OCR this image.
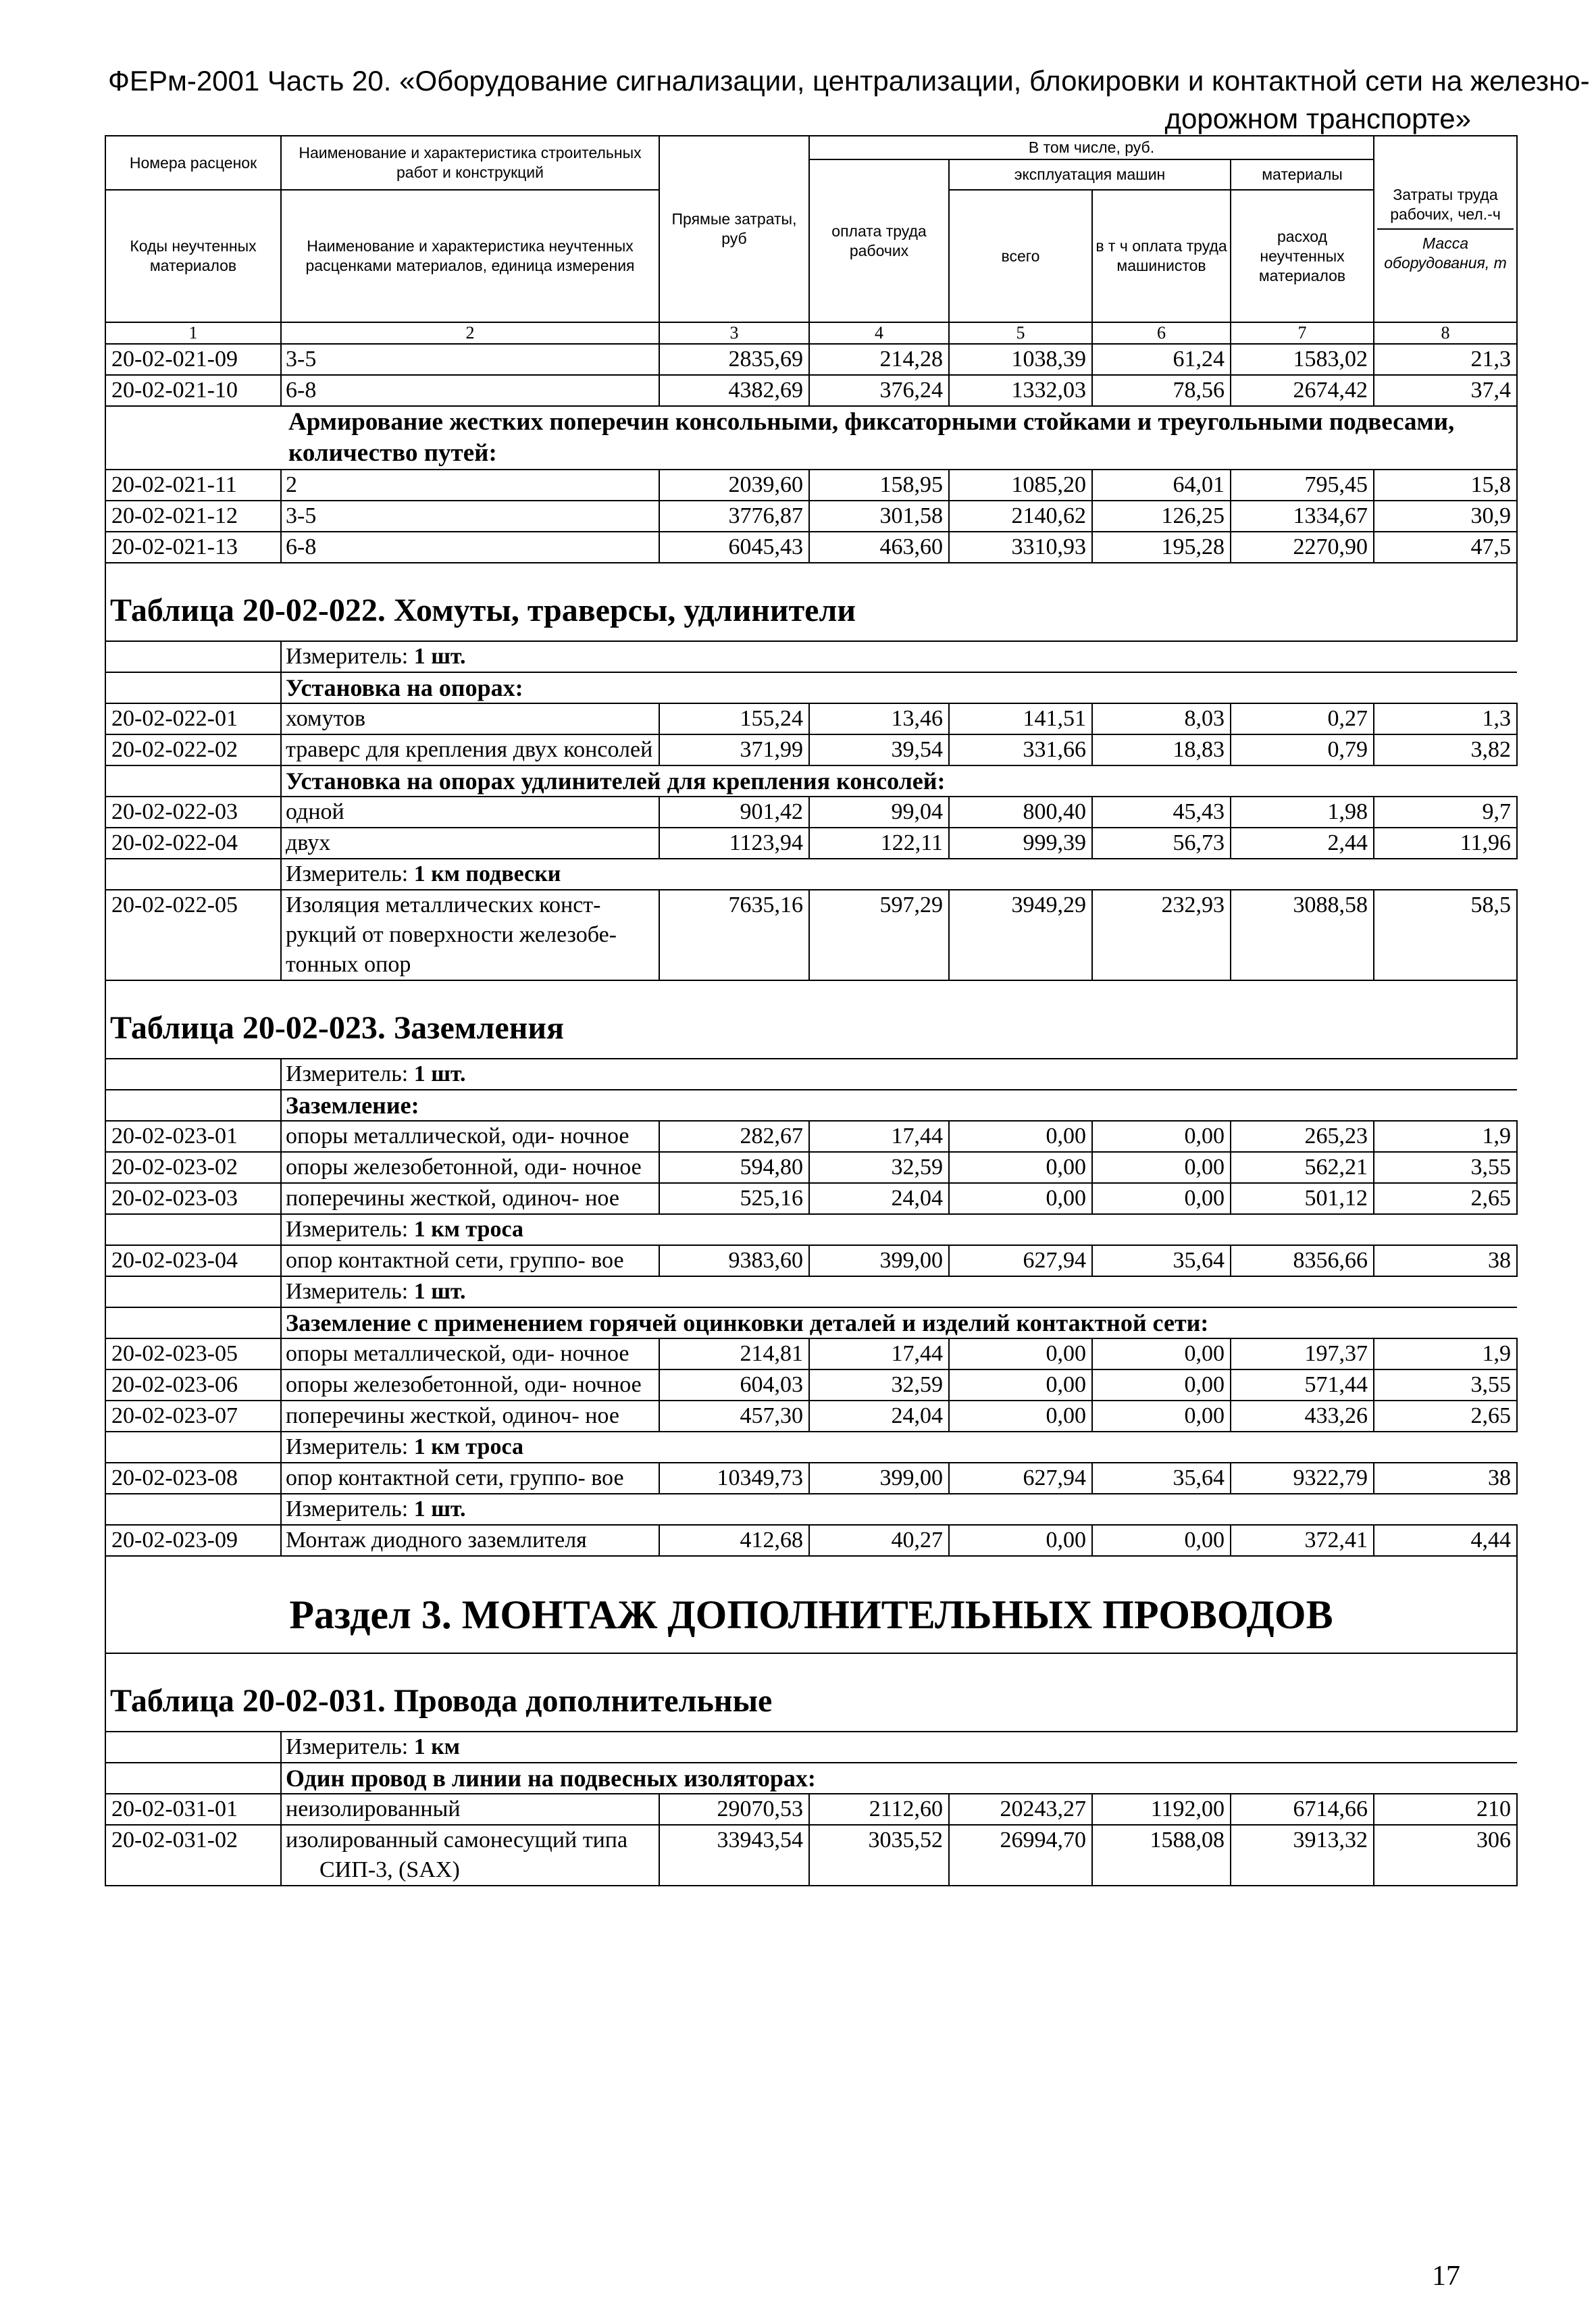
ФЕРм-2001 Часть 20. «Оборудование сигнализации, централизации, блокировки и контактной сети на железно-
дорожном транспорте»
Номера расценок	Наименование и характеристика строительных работ и конструкций	Прямые затраты, руб	В том числе, руб.				Затраты труда рабочих, чел.-ч
Масса оборудования, т

			оплата труда рабочих	эксплуатация машин		материалы	
Коды неучтенных материалов	Наименование и характеристика неучтенных расценками материалов, единица измерения			всего	в т ч оплата труда машинистов	расход неучтенных материалов	

1	2	3	4	5	6	7	8
20-02-021-09	3-5	2835,69	214,28	1038,39	61,24	1583,02	21,3
20-02-021-10	6-8	4382,69	376,24	1332,03	78,56	2674,42	37,4
Армирование жестких поперечин консольными, фиксаторными стойками и треугольными подвесами, количество путей:							
20-02-021-11	2	2039,60	158,95	1085,20	64,01	795,45	15,8
20-02-021-12	3-5	3776,87	301,58	2140,62	126,25	1334,67	30,9
20-02-021-13	6-8	6045,43	463,60	3310,93	195,28	2270,90	47,5
Таблица 20-02-022. Хомуты, траверсы, удлинители							
	Измеритель: 1 шт.						
	Установка на опорах:						
20-02-022-01	хомутов	155,24	13,46	141,51	8,03	0,27	1,3
20-02-022-02	траверс для крепления двух консолей	371,99	39,54	331,66	18,83	0,79	3,82
	Установка на опорах удлинителей для крепления консолей:						
20-02-022-03	одной	901,42	99,04	800,40	45,43	1,98	9,7
20-02-022-04	двух	1123,94	122,11	999,39	56,73	2,44	11,96
	Измеритель: 1 км подвески						
20-02-022-05	Изоляция металлических конст- рукций от поверхности железобе- тонных опор	7635,16	597,29	3949,29	232,93	3088,58	58,5
Таблица 20-02-023. Заземления							
	Измеритель: 1 шт.						
	Заземление:						
20-02-023-01	опоры металлической, оди- ночное	282,67	17,44	0,00	0,00	265,23	1,9
20-02-023-02	опоры железобетонной, оди- ночное	594,80	32,59	0,00	0,00	562,21	3,55
20-02-023-03	поперечины жесткой, одиноч- ное	525,16	24,04	0,00	0,00	501,12	2,65
	Измеритель: 1 км троса						
20-02-023-04	опор контактной сети, группо- вое	9383,60	399,00	627,94	35,64	8356,66	38
	Измеритель: 1 шт.						
	Заземление с применением горячей оцинковки деталей и изделий контактной сети:						
20-02-023-05	опоры металлической, оди- ночное	214,81	17,44	0,00	0,00	197,37	1,9
20-02-023-06	опоры железобетонной, оди- ночное	604,03	32,59	0,00	0,00	571,44	3,55
20-02-023-07	поперечины жесткой, одиноч- ное	457,30	24,04	0,00	0,00	433,26	2,65
	Измеритель: 1 км троса						
20-02-023-08	опор контактной сети, группо- вое	10349,73	399,00	627,94	35,64	9322,79	38
	Измеритель: 1 шт.						
20-02-023-09	Монтаж диодного заземлителя	412,68	40,27	0,00	0,00	372,41	4,44
Раздел 3. МОНТАЖ ДОПОЛНИТЕЛЬНЫХ ПРОВОДОВ							
Таблица 20-02-031. Провода дополнительные							
	Измеритель: 1 км						
	Один провод в линии на подвесных изоляторах:						
20-02-031-01	неизолированный	29070,53	2112,60	20243,27	1192,00	6714,66	210
20-02-031-02	изолированный самонесущий типа СИП-3, (SAX)	33943,54	3035,52	26994,70	1588,08	3913,32	306
17
